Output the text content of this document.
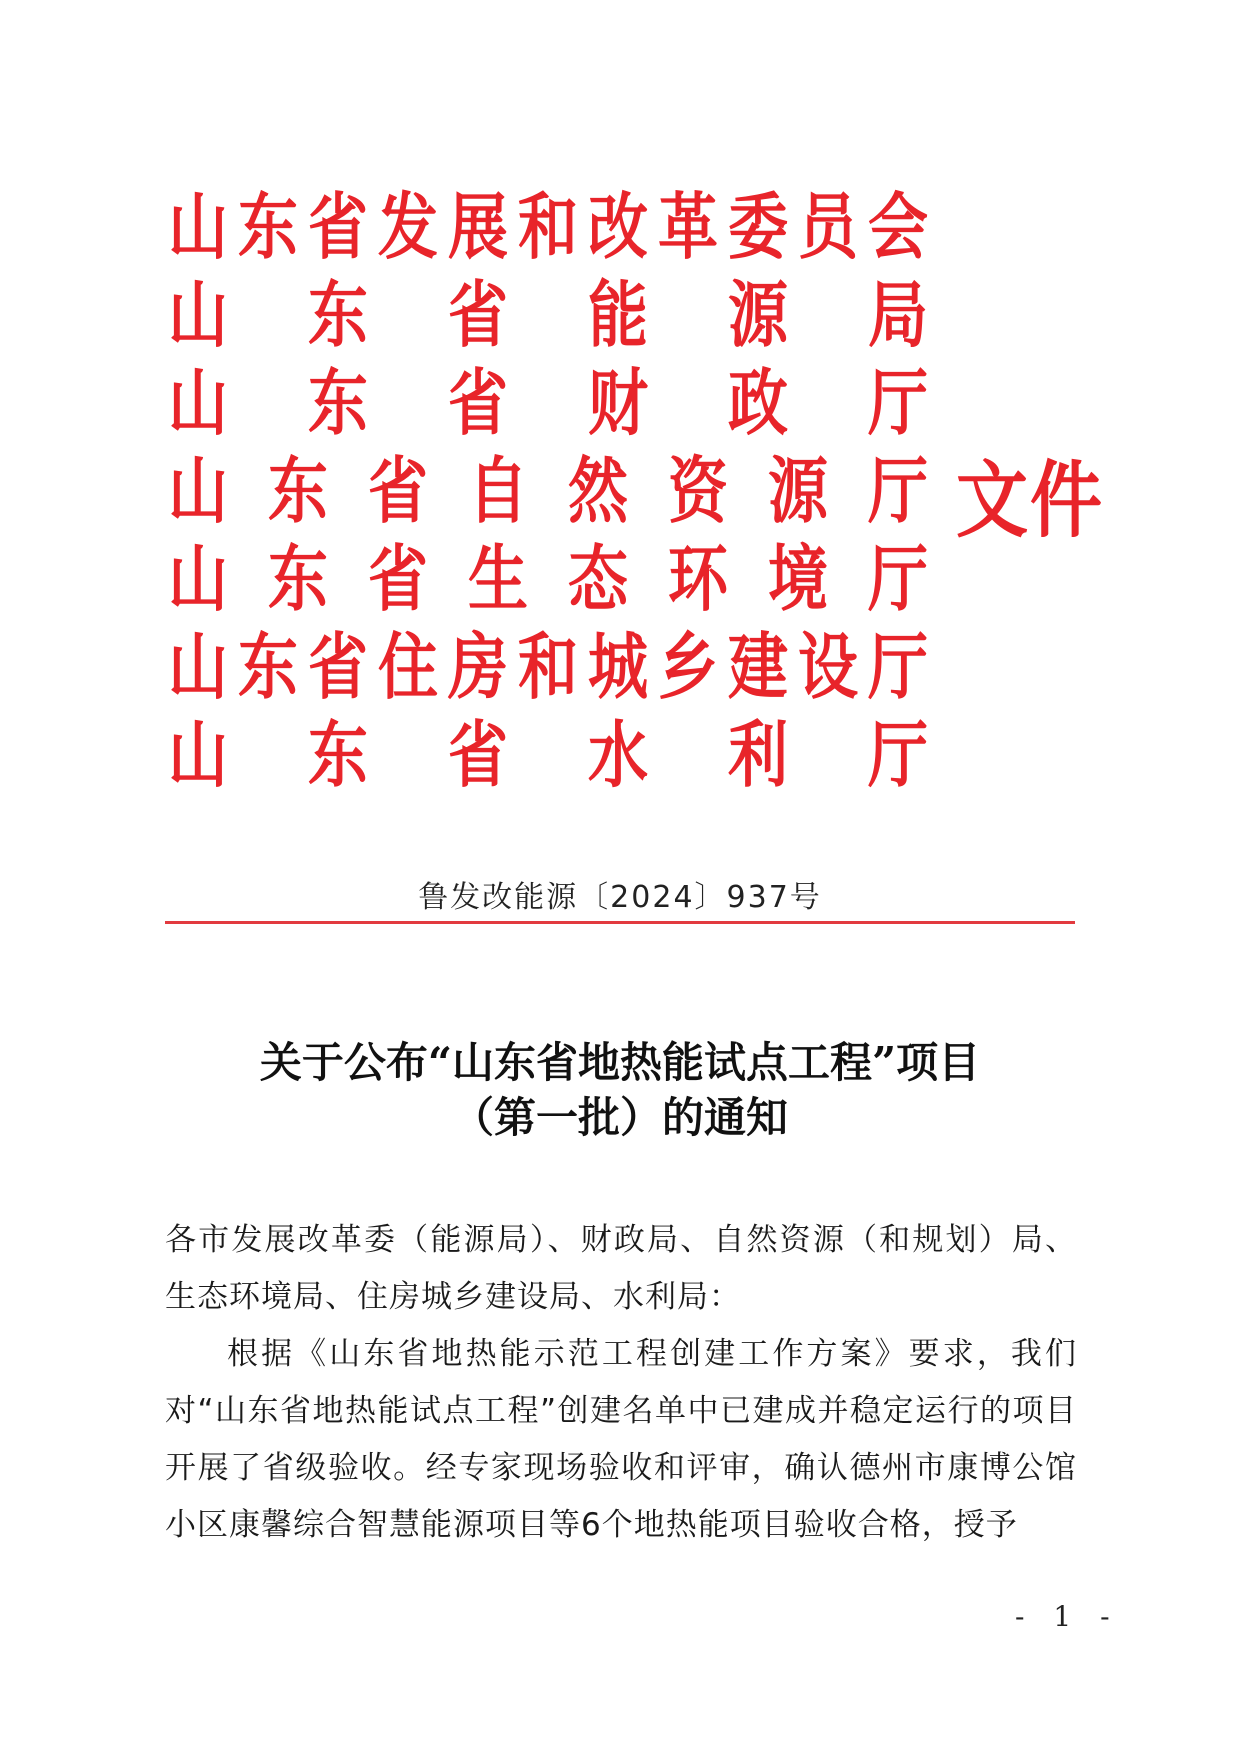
山 东 省 发 展 和 改 革 委 员 会
山 东 省 能 源 局
山 东 省 财 政 厅
山 东 省 自 然 资 源 厅
山 东 省 生 态 环 境 厅
山 东 省 住 房 和 城 乡 建 设 厅
山 东 省 水 利 厅
文件
鲁发改能源〔2024〕937号
关于公布“山东省地热能试点工程”项目
（第一批）的通知

各市发展改革委（能源局）、财政局、自然资源（和规划）局、生态环境局、住房城乡建设局、水利局：

根据《山东省地热能示范工程创建工作方案》要求，我们对“山东省地热能试点工程”创建名单中已建成并稳定运行的项目开展了省级验收。经专家现场验收和评审，确认德州市康博公馆小区康馨综合智慧能源项目等6个地热能项目验收合格，授予

- 1 -
